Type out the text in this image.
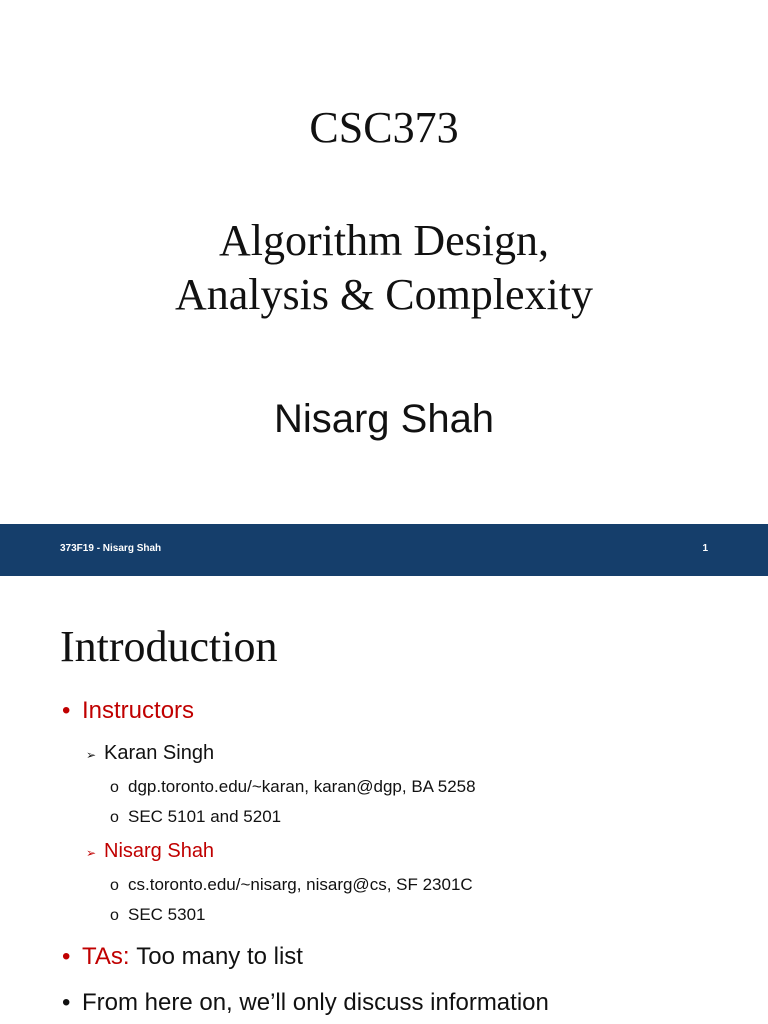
CSC373
Algorithm Design,
Analysis & Complexity
Nisarg Shah
373F19 - Nisarg Shah	1
Introduction
• Instructors
➢ Karan Singh
o dgp.toronto.edu/~karan, karan@dgp, BA 5258
o SEC 5101 and 5201
➢ Nisarg Shah
o cs.toronto.edu/~nisarg, nisarg@cs, SF 2301C
o SEC 5301
• TAs:
Too many to list
• From here on, we’ll only discuss information
